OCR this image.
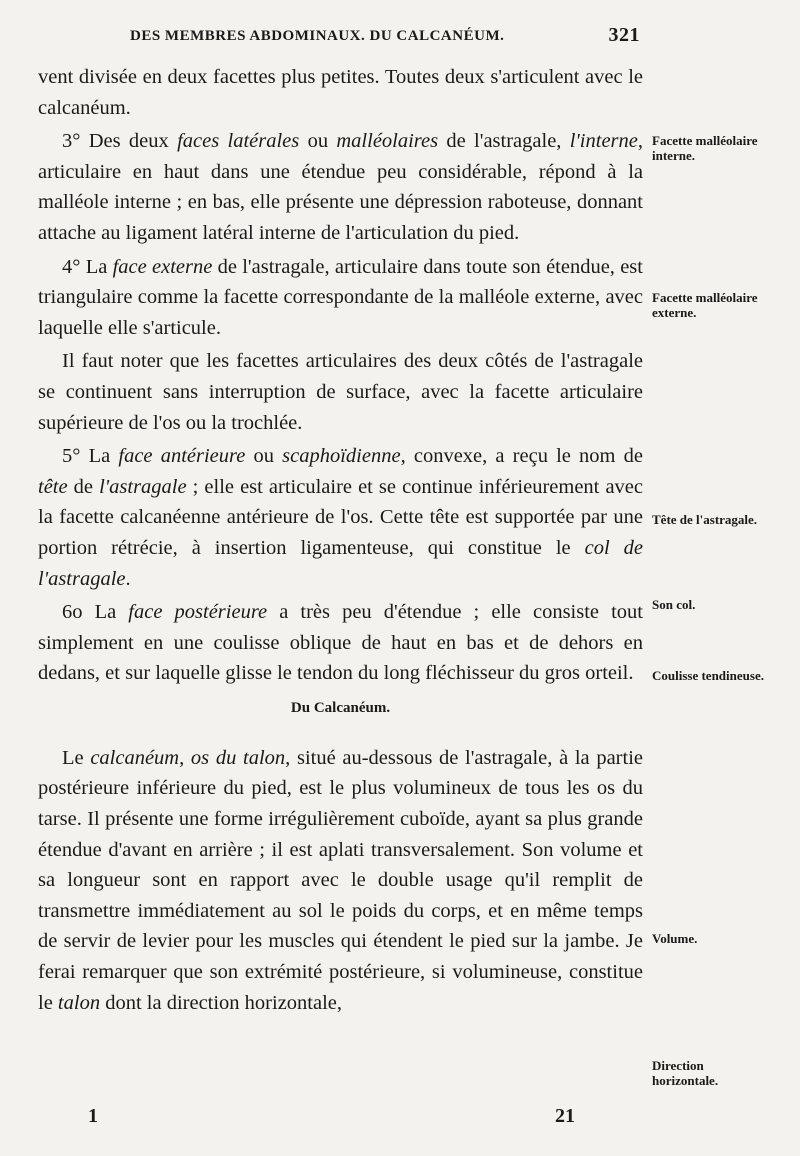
DES MEMBRES ABDOMINAUX. DU CALCANÉUM.	321

vent divisée en deux facettes plus petites. Toutes deux s'articulent avec le calcanéum.

3° Des deux faces latérales ou malléolaires de l'astragale, l'interne, articulaire en haut dans une étendue peu considérable, répond à la malléole interne ; en bas, elle présente une dépression raboteuse, donnant attache au ligament latéral interne de l'articulation du pied.

4° La face externe de l'astragale, articulaire dans toute son étendue, est triangulaire comme la facette correspondante de la malléole externe, avec laquelle elle s'articule.

Il faut noter que les facettes articulaires des deux côtés de l'astragale se continuent sans interruption de surface, avec la facette articulaire supérieure de l'os ou la trochlée.

5° La face antérieure ou scaphoïdienne, convexe, a reçu le nom de tête de l'astragale ; elle est articulaire et se continue inférieurement avec la facette calcanéenne antérieure de l'os. Cette tête est supportée par une portion rétrécie, à insertion ligamenteuse, qui constitue le col de l'astragale.

6o La face postérieure a très peu d'étendue ; elle consiste tout simplement en une coulisse oblique de haut en bas et de dehors en dedans, et sur laquelle glisse le tendon du long fléchisseur du gros orteil.

Du Calcanéum.

Le calcanéum, os du talon, situé au-dessous de l'astragale, à la partie postérieure inférieure du pied, est le plus volumineux de tous les os du tarse. Il présente une forme irrégulièrement cuboïde, ayant sa plus grande étendue d'avant en arrière ; il est aplati transversalement. Son volume et sa longueur sont en rapport avec le double usage qu'il remplit de transmettre immédiatement au sol le poids du corps, et en même temps de servir de levier pour les muscles qui étendent le pied sur la jambe. Je ferai remarquer que son extrémité postérieure, si volumineuse, constitue le talon dont la direction horizontale,

Facette malléolaire interne.
Facette malléolaire externe.
Tête de l'astragale.
Son col.
Coulisse tendineuse.
Volume.
Direction horizontale.
1	21
